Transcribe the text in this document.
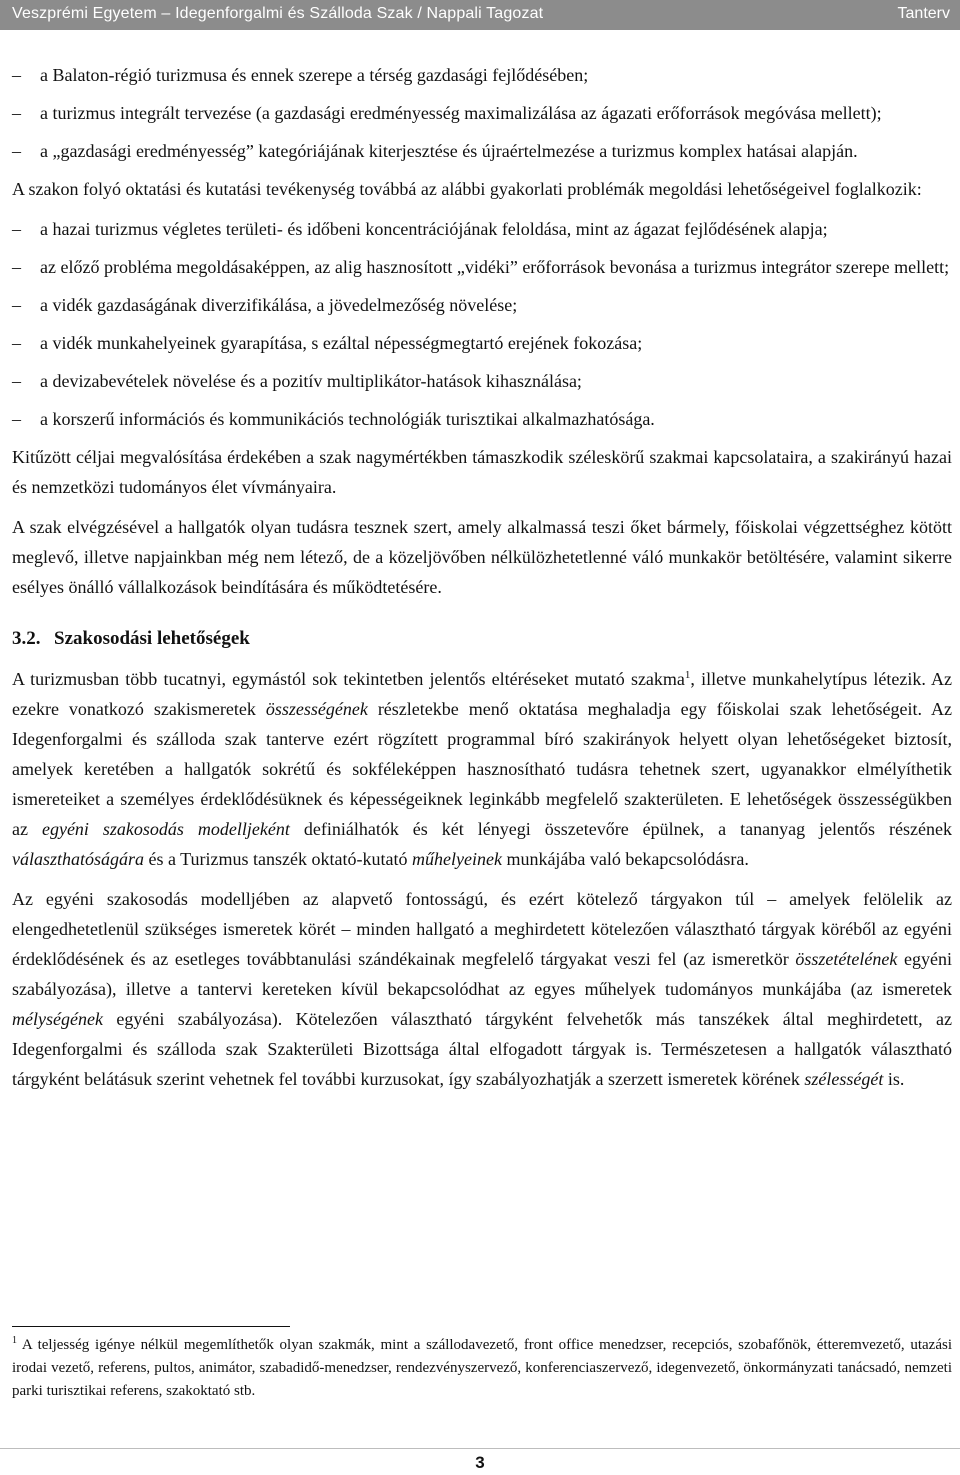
Veszprémi Egyetem – Idegenforgalmi és Szálloda Szak / Nappali Tagozat	Tanterv
–	a Balaton-régió turizmusa és ennek szerepe a térség gazdasági fejlődésében;
–	a turizmus integrált tervezése (a gazdasági eredményesség maximalizálása az ágazati erőforrások megóvása mellett);
–	a „gazdasági eredményesség” kategóriájának kiterjesztése és újraértelmezése a turizmus komplex hatásai alapján.

A szakon folyó oktatási és kutatási tevékenység továbbá az alábbi gyakorlati problémák megoldási lehetőségeivel foglalkozik:

–	a hazai turizmus végletes területi- és időbeni koncentrációjának feloldása, mint az ágazat fejlődésének alapja;
–	az előző probléma megoldásaképpen, az alig hasznosított „vidéki” erőforrások bevonása a turizmus integrátor szerepe mellett;
–	a vidék gazdaságának diverzifikálása, a jövedelmezőség növelése;
–	a vidék munkahelyeinek gyarapítása, s ezáltal népességmegtartó erejének fokozása;
–	a devizabevételek növelése és a pozitív multiplikátor-hatások kihasználása;
–	a korszerű információs és kommunikációs technológiák turisztikai alkalmazhatósága.

Kitűzött céljai megvalósítása érdekében a szak nagymértékben támaszkodik széleskörű szakmai kapcsolataira, a szakirányú hazai és nemzetközi tudományos élet vívmányaira.

A szak elvégzésével a hallgatók olyan tudásra tesznek szert, amely alkalmassá teszi őket bármely, főiskolai végzettséghez kötött meglevő, illetve napjainkban még nem létező, de a közeljövőben nélkülözhetetlenné váló munkakör betöltésére, valamint sikerre esélyes önálló vállalkozások beindítására és működtetésére.

3.2. Szakosodási lehetőségek

A turizmusban több tucatnyi, egymástól sok tekintetben jelentős eltéréseket mutató szakma$^1$, illetve munkahelytípus létezik. Az ezekre vonatkozó szakismeretek összességének részletekbe menő oktatása meghaladja egy főiskolai szak lehetőségeit. Az Idegenforgalmi és szálloda szak tanterve ezért rögzített programmal bíró szakirányok helyett olyan lehetőségeket biztosít, amelyek keretében a hallgatók sokrétű és sokféleképpen hasznosítható tudásra tehetnek szert, ugyanakkor elmélyíthetik ismereteiket a személyes érdeklődésüknek és képességeiknek leginkább megfelelő szakterületen. E lehetőségek összességükben az egyéni szakosodás modelljeként definiálhatók és két lényegi összetevőre épülnek, a tananyag jelentős részének választhatóságára és a Turizmus tanszék oktató-kutató műhelyeinek munkájába való bekapcsolódásra.

Az egyéni szakosodás modelljében az alapvető fontosságú, és ezért kötelező tárgyakon túl – amelyek felölelik az elengedhetetlenül szükséges ismeretek körét – minden hallgató a meghirdetett kötelezően választható tárgyak köréből az egyéni érdeklődésének és az esetleges továbbtanulási szándékainak megfelelő tárgyakat veszi fel (az ismeretkör összetételének egyéni szabályozása), illetve a tantervi kereteken kívül bekapcsolódhat az egyes műhelyek tudományos munkájába (az ismeretek mélységének egyéni szabályozása). Kötelezően választható tárgyként felvehetők más tanszékek által meghirdetett, az Idegenforgalmi és szálloda szak Szakterületi Bizottsága által elfogadott tárgyak is. Természetesen a hallgatók választható tárgyként belátásuk szerint vehetnek fel további kurzusokat, így szabályozhatják a szerzett ismeretek körének szélességét is.

$^1$ A teljesség igénye nélkül megemlíthetők olyan szakmák, mint a szállodavezető, front office menedzser, recepciós, szobafőnök, étteremvezető, utazási irodai vezető, referens, pultos, animátor, szabadidő-menedzser, rendezvényszervező, konferenciaszervező, idegenvezető, önkormányzati tanácsadó, nemzeti parki turisztikai referens, szakoktató stb.
3
